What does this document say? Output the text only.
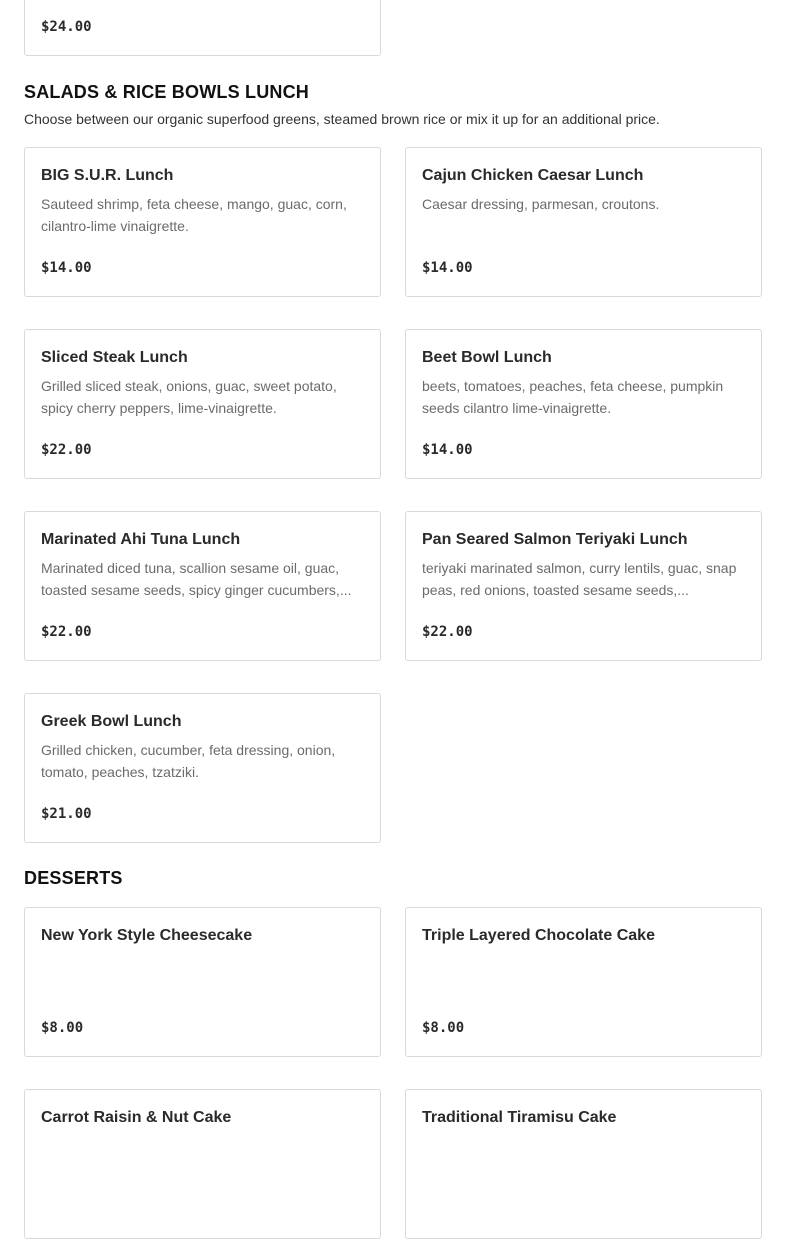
$24.00
SALADS & RICE BOWLS LUNCH

Choose between our organic superfood greens, steamed brown rice or mix it up for an additional price.

BIG S.U.R. Lunch
Sauteed shrimp, feta cheese, mango, guac, corn, cilantro-lime vinaigrette.
$14.00
Cajun Chicken Caesar Lunch
Caesar dressing, parmesan, croutons.
$14.00
Sliced Steak Lunch
Grilled sliced steak, onions, guac, sweet potato, spicy cherry peppers, lime-vinaigrette.
$22.00
Beet Bowl Lunch
beets, tomatoes, peaches, feta cheese, pumpkin seeds cilantro lime-vinaigrette.
$14.00
Marinated Ahi Tuna Lunch
Marinated diced tuna, scallion sesame oil, guac, toasted sesame seeds, spicy ginger cucumbers,...
$22.00
Pan Seared Salmon Teriyaki Lunch
teriyaki marinated salmon, curry lentils, guac, snap peas, red onions, toasted sesame seeds,...
$22.00
Greek Bowl Lunch
Grilled chicken, cucumber, feta dressing, onion, tomato, peaches, tzatziki.
$21.00
DESSERTS
New York Style Cheesecake
$8.00
Triple Layered Chocolate Cake
$8.00
Carrot Raisin & Nut Cake	Traditional Tiramisu Cake
